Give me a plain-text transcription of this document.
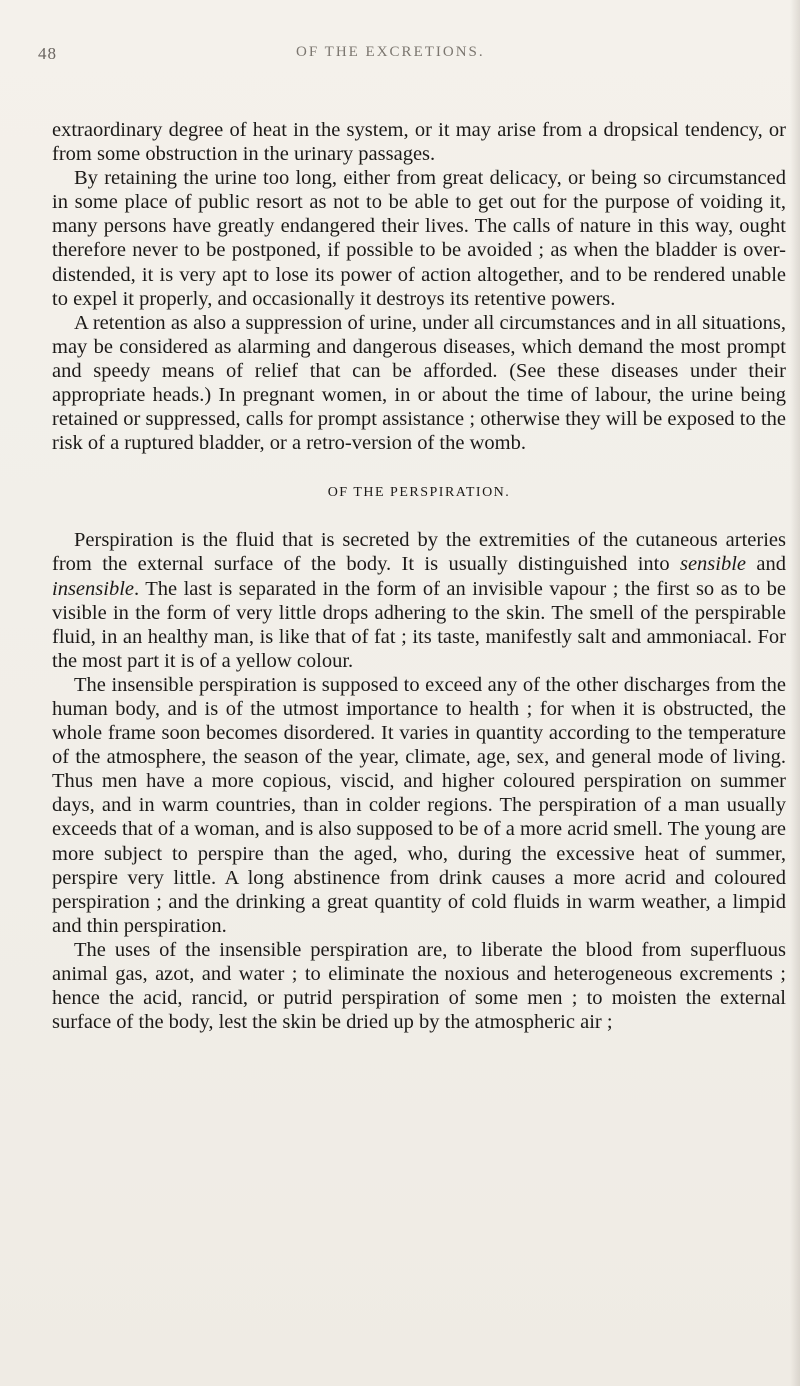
48	OF THE EXCRETIONS.

extraordinary degree of heat in the system, or it may arise from a dropsical tendency, or from some obstruction in the urinary passages.

By retaining the urine too long, either from great delicacy, or being so circumstanced in some place of public resort as not to be able to get out for the purpose of voiding it, many persons have greatly endangered their lives. The calls of nature in this way, ought therefore never to be postponed, if possible to be avoided ; as when the bladder is over-distended, it is very apt to lose its power of action altogether, and to be rendered unable to expel it properly, and occasionally it destroys its retentive powers.

A retention as also a suppression of urine, under all circumstances and in all situations, may be considered as alarming and dangerous diseases, which demand the most prompt and speedy means of relief that can be afforded. (See these diseases under their appropriate heads.) In pregnant women, in or about the time of labour, the urine being retained or suppressed, calls for prompt assistance ; otherwise they will be exposed to the risk of a ruptured bladder, or a retro-version of the womb.

OF THE PERSPIRATION.

Perspiration is the fluid that is secreted by the extremities of the cutaneous arteries from the external surface of the body. It is usually distinguished into sensible and insensible. The last is separated in the form of an invisible vapour ; the first so as to be visible in the form of very little drops adhering to the skin. The smell of the perspirable fluid, in an healthy man, is like that of fat ; its taste, manifestly salt and ammoniacal. For the most part it is of a yellow colour.

The insensible perspiration is supposed to exceed any of the other discharges from the human body, and is of the utmost importance to health ; for when it is obstructed, the whole frame soon becomes disordered. It varies in quantity according to the temperature of the atmosphere, the season of the year, climate, age, sex, and general mode of living. Thus men have a more copious, viscid, and higher coloured perspiration on summer days, and in warm countries, than in colder regions. The perspiration of a man usually exceeds that of a woman, and is also supposed to be of a more acrid smell. The young are more subject to perspire than the aged, who, during the excessive heat of summer, perspire very little. A long abstinence from drink causes a more acrid and coloured perspiration ; and the drinking a great quantity of cold fluids in warm weather, a limpid and thin perspiration.

The uses of the insensible perspiration are, to liberate the blood from superfluous animal gas, azot, and water ; to eliminate the noxious and heterogeneous excrements ; hence the acid, rancid, or putrid perspiration of some men ; to moisten the external surface of the body, lest the skin be dried up by the atmospheric air ;
